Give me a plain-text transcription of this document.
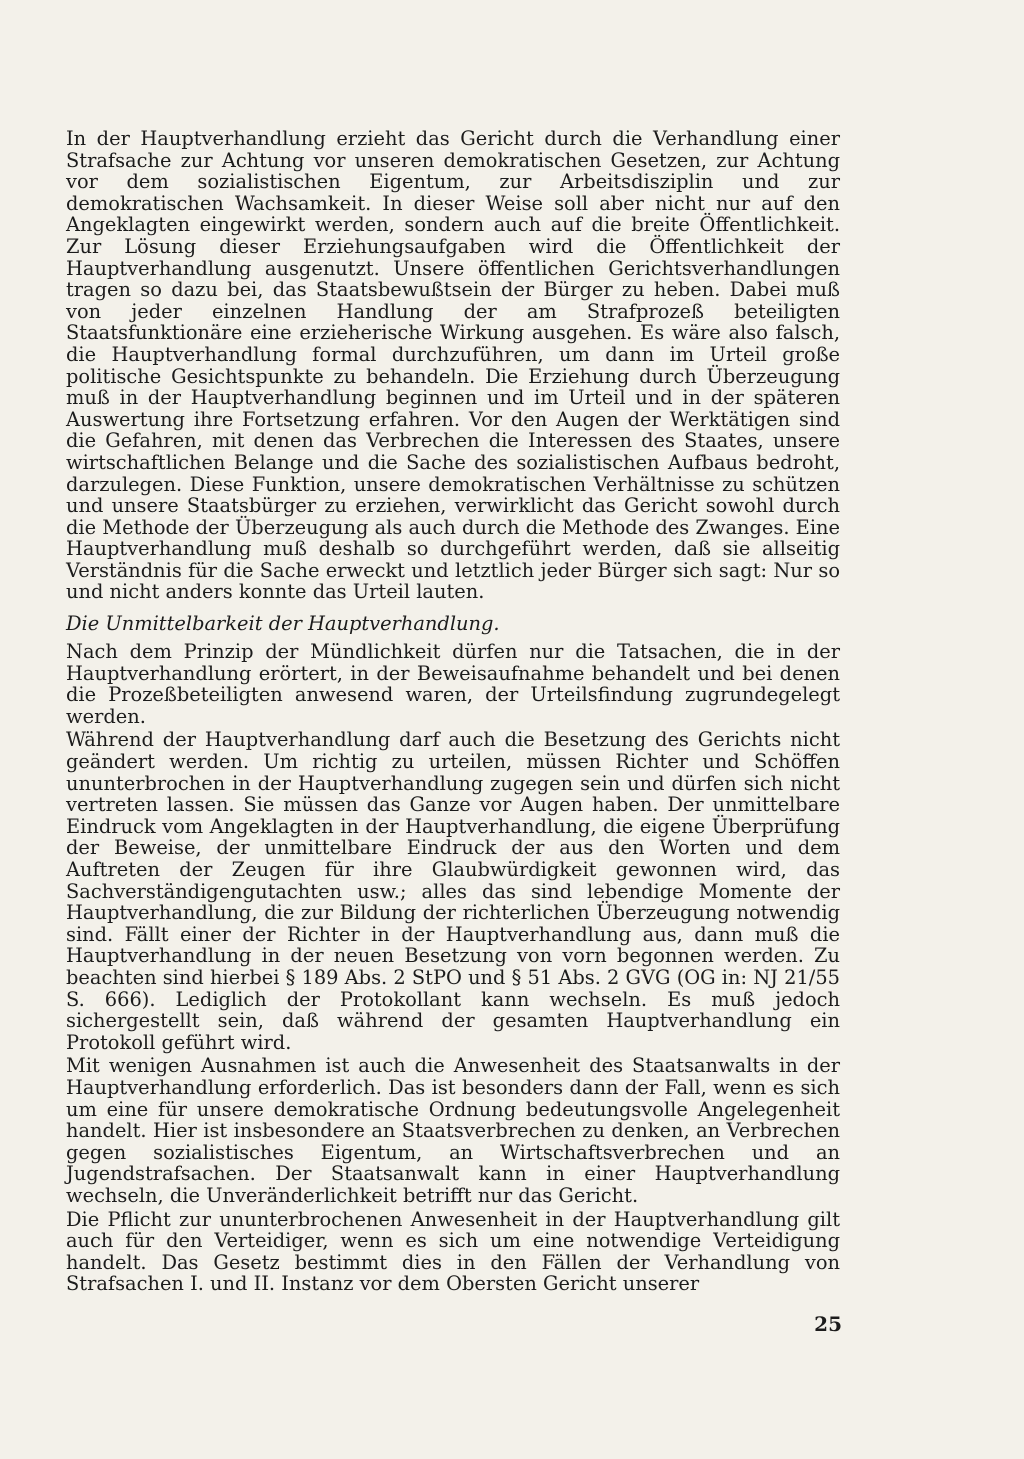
In der Hauptverhandlung erzieht das Gericht durch die Verhandlung einer Strafsache zur Achtung vor unseren demokratischen Gesetzen, zur Achtung vor dem sozialistischen Eigentum, zur Arbeitsdisziplin und zur demokratischen Wachsamkeit. In dieser Weise soll aber nicht nur auf den Angeklagten eingewirkt werden, sondern auch auf die breite Öffentlichkeit. Zur Lösung dieser Erziehungsaufgaben wird die Öffentlichkeit der Hauptverhandlung ausgenutzt. Unsere öffentlichen Gerichtsverhandlungen tragen so dazu bei, das Staatsbewußtsein der Bürger zu heben. Dabei muß von jeder einzelnen Handlung der am Strafprozeß beteiligten Staatsfunktionäre eine erzieherische Wirkung ausgehen. Es wäre also falsch, die Hauptverhandlung formal durchzuführen, um dann im Urteil große politische Gesichtspunkte zu behandeln. Die Erziehung durch Überzeugung muß in der Hauptverhandlung beginnen und im Urteil und in der späteren Auswertung ihre Fortsetzung erfahren. Vor den Augen der Werktätigen sind die Gefahren, mit denen das Verbrechen die Interessen des Staates, unsere wirtschaftlichen Belange und die Sache des sozialistischen Aufbaus bedroht, darzulegen. Diese Funktion, unsere demokratischen Verhältnisse zu schützen und unsere Staatsbürger zu erziehen, verwirklicht das Gericht sowohl durch die Methode der Überzeugung als auch durch die Methode des Zwanges. Eine Hauptverhandlung muß deshalb so durchgeführt werden, daß sie allseitig Verständnis für die Sache erweckt und letztlich jeder Bürger sich sagt: Nur so und nicht anders konnte das Urteil lauten.

Die Unmittelbarkeit der Hauptverhandlung.

Nach dem Prinzip der Mündlichkeit dürfen nur die Tatsachen, die in der Hauptverhandlung erörtert, in der Beweisaufnahme behandelt und bei denen die Prozeßbeteiligten anwesend waren, der Urteilsfindung zugrundegelegt werden.

Während der Hauptverhandlung darf auch die Besetzung des Gerichts nicht geändert werden. Um richtig zu urteilen, müssen Richter und Schöffen ununterbrochen in der Hauptverhandlung zugegen sein und dürfen sich nicht vertreten lassen. Sie müssen das Ganze vor Augen haben. Der unmittelbare Eindruck vom Angeklagten in der Hauptverhandlung, die eigene Überprüfung der Beweise, der unmittelbare Eindruck der aus den Worten und dem Auftreten der Zeugen für ihre Glaubwürdigkeit gewonnen wird, das Sachverständigengutachten usw.; alles das sind lebendige Momente der Hauptverhandlung, die zur Bildung der richterlichen Überzeugung notwendig sind. Fällt einer der Richter in der Hauptverhandlung aus, dann muß die Hauptverhandlung in der neuen Besetzung von vorn begonnen werden. Zu beachten sind hierbei § 189 Abs. 2 StPO und § 51 Abs. 2 GVG (OG in: NJ 21/55 S. 666). Lediglich der Protokollant kann wechseln. Es muß jedoch sichergestellt sein, daß während der gesamten Hauptverhandlung ein Protokoll geführt wird.

Mit wenigen Ausnahmen ist auch die Anwesenheit des Staatsanwalts in der Hauptverhandlung erforderlich. Das ist besonders dann der Fall, wenn es sich um eine für unsere demokratische Ordnung bedeutungsvolle Angelegenheit handelt. Hier ist insbesondere an Staatsverbrechen zu denken, an Verbrechen gegen sozialistisches Eigentum, an Wirtschaftsverbrechen und an Jugendstrafsachen. Der Staatsanwalt kann in einer Hauptverhandlung wechseln, die Unveränderlichkeit betrifft nur das Gericht.

Die Pflicht zur ununterbrochenen Anwesenheit in der Hauptverhandlung gilt auch für den Verteidiger, wenn es sich um eine notwendige Verteidigung handelt. Das Gesetz bestimmt dies in den Fällen der Verhandlung von Strafsachen I. und II. Instanz vor dem Obersten Gericht unserer

25
